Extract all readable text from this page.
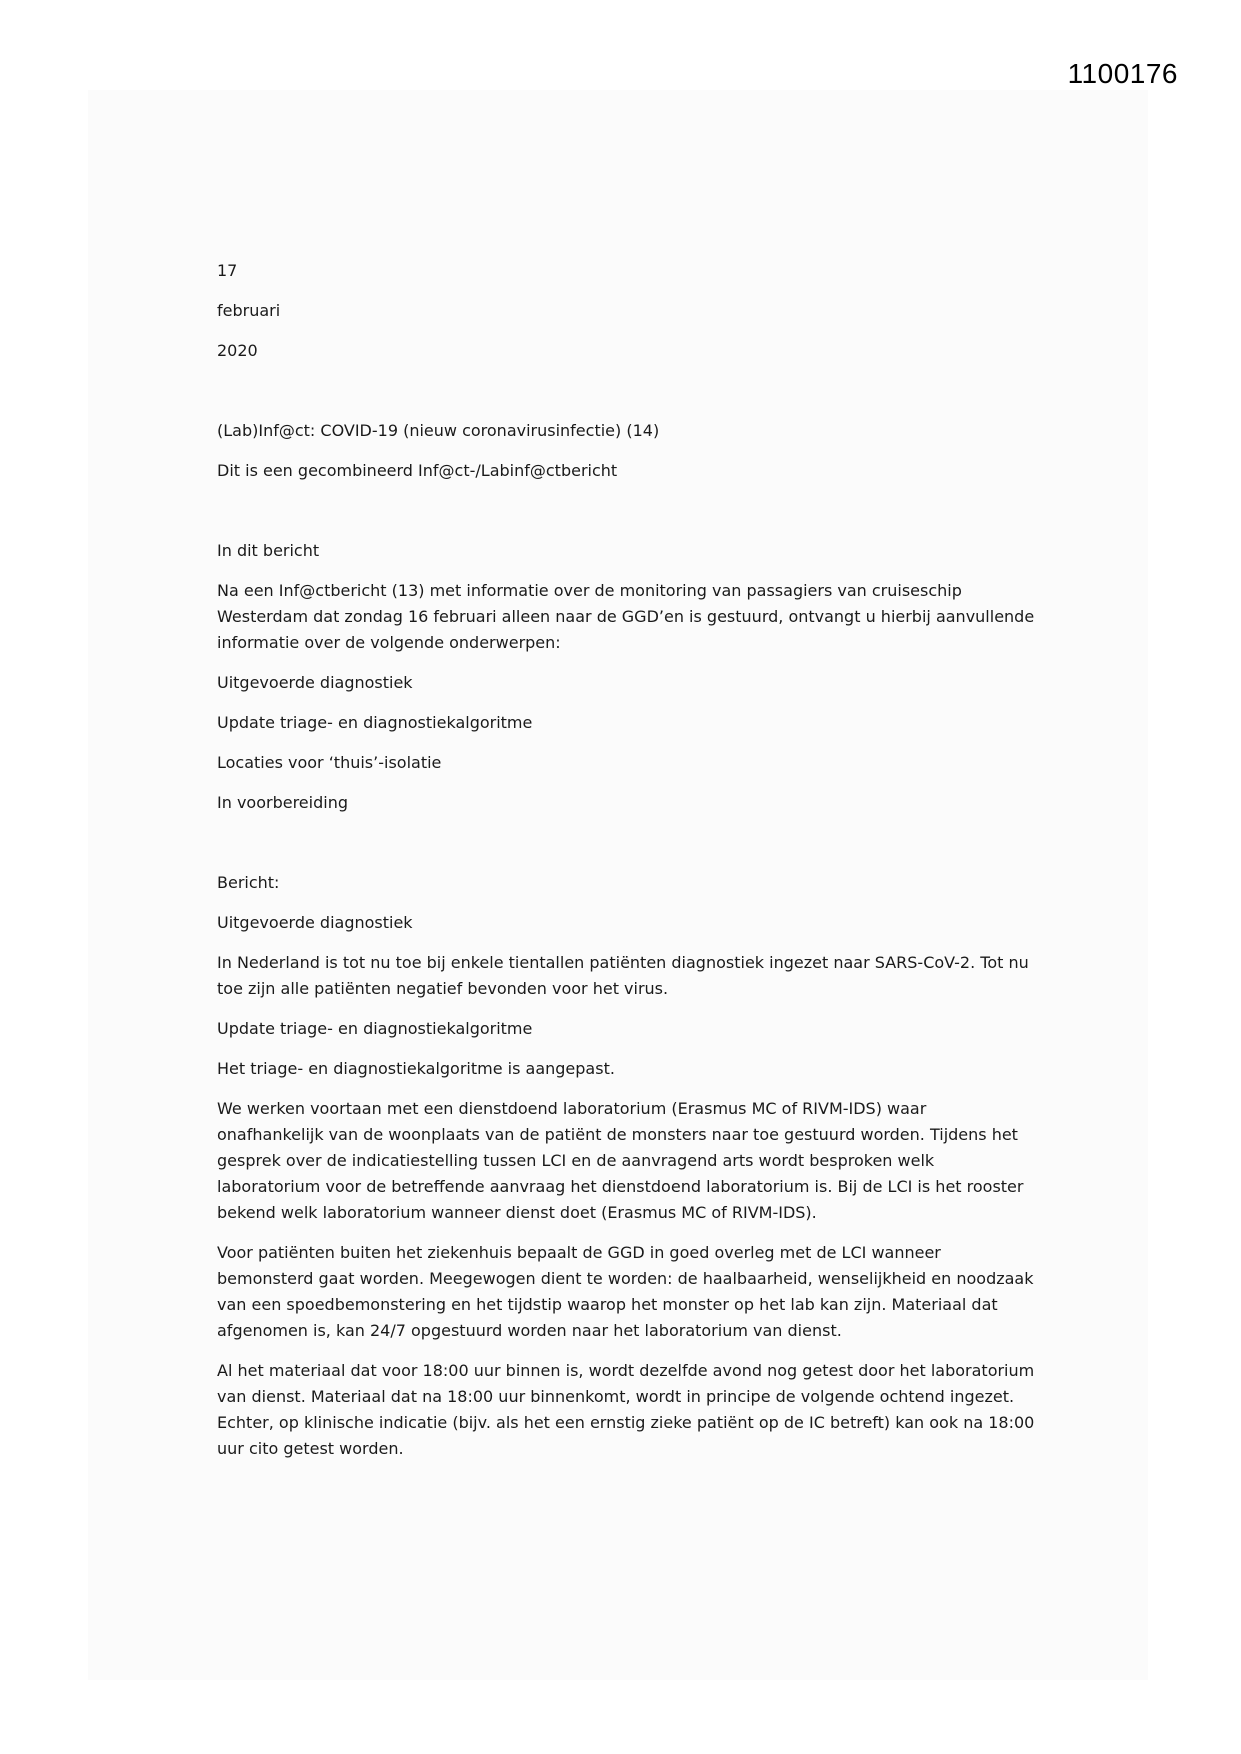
1100176

17

februari

2020

(Lab)Inf@ct: COVID-19 (nieuw coronavirusinfectie) (14)

Dit is een gecombineerd Inf@ct-/Labinf@ctbericht

In dit bericht

Na een Inf@ctbericht (13) met informatie over de monitoring van passagiers van cruiseschip Westerdam dat zondag 16 februari alleen naar de GGD’en is gestuurd, ontvangt u hierbij aanvullende informatie over de volgende onderwerpen:

Uitgevoerde diagnostiek

Update triage- en diagnostiekalgoritme

Locaties voor ‘thuis’-isolatie

In voorbereiding

Bericht:

Uitgevoerde diagnostiek

In Nederland is tot nu toe bij enkele tientallen patiënten diagnostiek ingezet naar SARS-CoV-2. Tot nu toe zijn alle patiënten negatief bevonden voor het virus.

Update triage- en diagnostiekalgoritme

Het triage- en diagnostiekalgoritme is aangepast.

We werken voortaan met een dienstdoend laboratorium (Erasmus MC of RIVM-IDS) waar onafhankelijk van de woonplaats van de patiënt de monsters naar toe gestuurd worden. Tijdens het gesprek over de indicatiestelling tussen LCI en de aanvragend arts wordt besproken welk laboratorium voor de betreffende aanvraag het dienstdoend laboratorium is. Bij de LCI is het rooster bekend welk laboratorium wanneer dienst doet (Erasmus MC of RIVM-IDS).

Voor patiënten buiten het ziekenhuis bepaalt de GGD in goed overleg met de LCI wanneer bemonsterd gaat worden. Meegewogen dient te worden: de haalbaarheid, wenselijkheid en noodzaak van een spoedbemonstering en het tijdstip waarop het monster op het lab kan zijn. Materiaal dat afgenomen is, kan 24/7 opgestuurd worden naar het laboratorium van dienst.

Al het materiaal dat voor 18:00 uur binnen is, wordt dezelfde avond nog getest door het laboratorium van dienst. Materiaal dat na 18:00 uur binnenkomt, wordt in principe de volgende ochtend ingezet. Echter, op klinische indicatie (bijv. als het een ernstig zieke patiënt op de IC betreft) kan ook na 18:00 uur cito getest worden.
